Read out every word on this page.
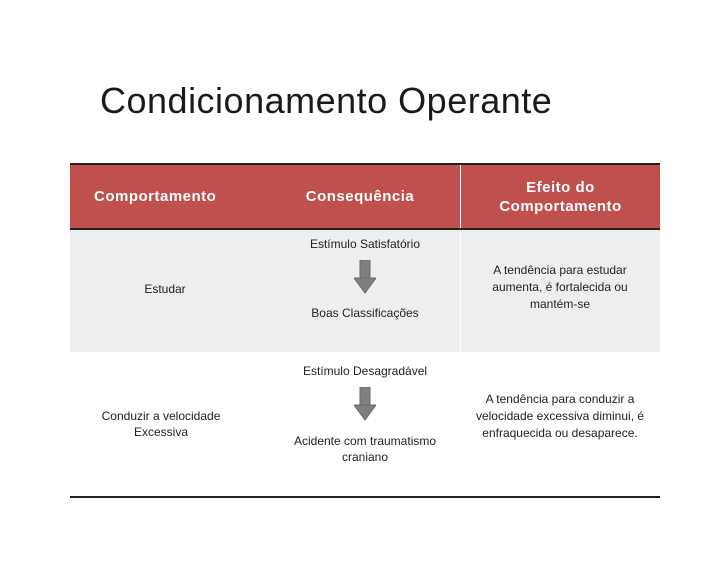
Condicionamento Operante
Comportamento	Consequência
Efeito do Comportamento
Estudar
Estímulo Satisfatório
Boas Classificações
A tendência para estudar aumenta, é fortalecida ou mantém-se
Conduzir a velocidade Excessiva
Estímulo Desagradável
Acidente com traumatismo craniano
A tendência para conduzir a velocidade excessiva diminui, é enfraquecida ou desaparece.
